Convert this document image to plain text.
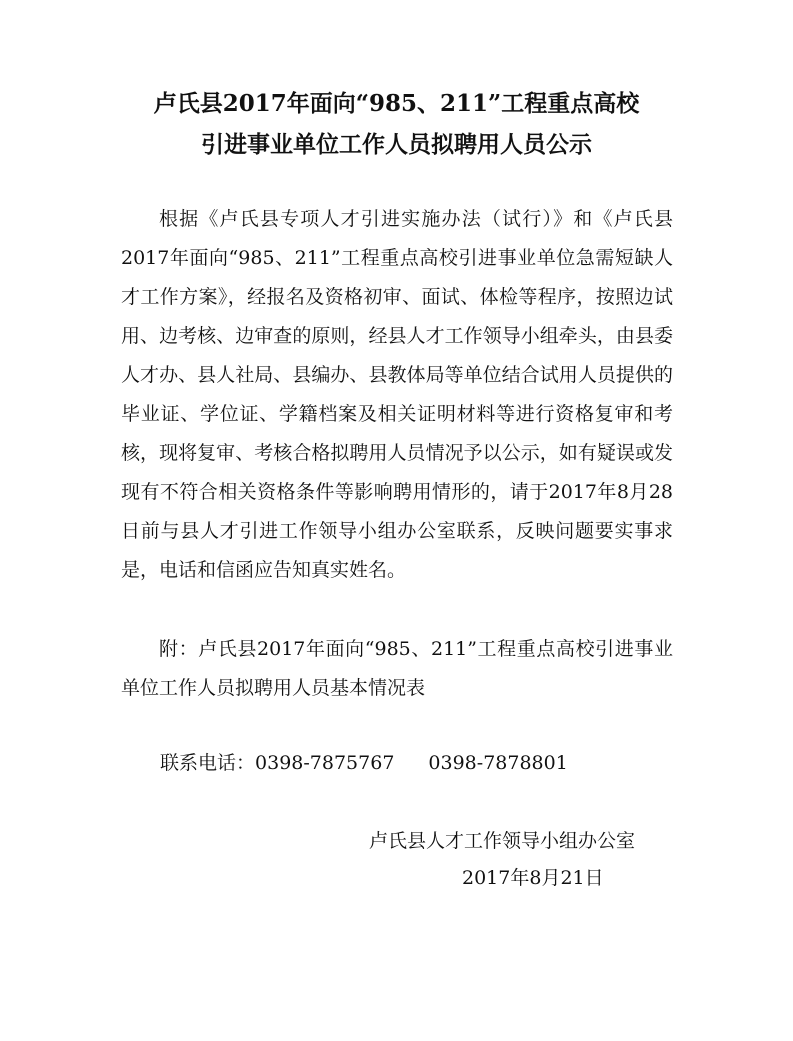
卢氏县2017年面向“985、211”工程重点高校
引进事业单位工作人员拟聘用人员公示

根据《卢氏县专项人才引进实施办法（试行）》和《卢氏县2017年面向“985、211”工程重点高校引进事业单位急需短缺人才工作方案》，经报名及资格初审、面试、体检等程序，按照边试用、边考核、边审查的原则，经县人才工作领导小组牵头，由县委人才办、县人社局、县编办、县教体局等单位结合试用人员提供的毕业证、学位证、学籍档案及相关证明材料等进行资格复审和考核，现将复审、考核合格拟聘用人员情况予以公示，如有疑误或发现有不符合相关资格条件等影响聘用情形的，请于2017年8月28日前与县人才引进工作领导小组办公室联系，反映问题要实事求是，电话和信函应告知真实姓名。

附：卢氏县2017年面向“985、211”工程重点高校引进事业单位工作人员拟聘用人员基本情况表

联系电话：0398-7875767 0398-7878801

卢氏县人才工作领导小组办公室

2017年8月21日
